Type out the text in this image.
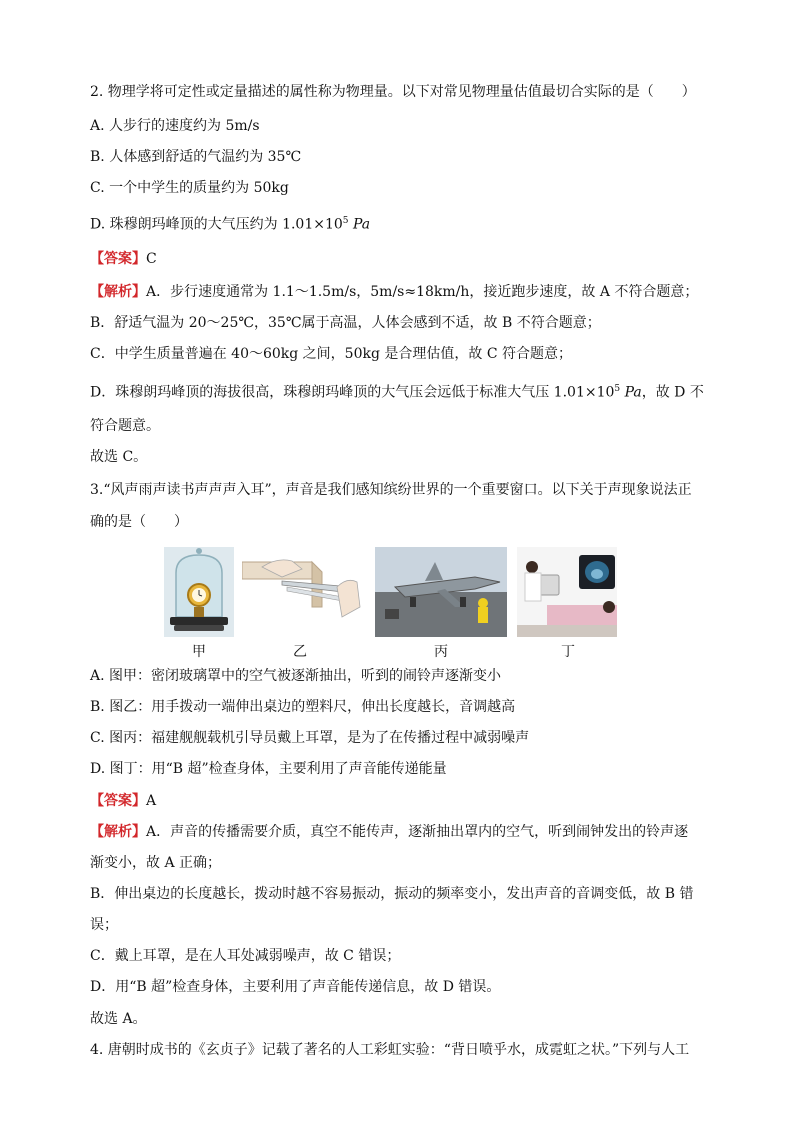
2. 物理学将可定性或定量描述的属性称为物理量。以下对常见物理量估值最切合实际的是（　　）
A. 人步行的速度约为 5m/s
B. 人体感到舒适的气温约为 35℃
C. 一个中学生的质量约为 50kg
D. 珠穆朗玛峰顶的大气压约为 $1.01\times 10^5$ Pa
【答案】C
【解析】A．步行速度通常为 1.1～1.5m/s，5m/s≈18km/h，接近跑步速度，故 A 不符合题意；
B．舒适气温为 20～25℃，35℃属于高温，人体会感到不适，故 B 不符合题意；
C．中学生质量普遍在 40～60kg 之间，50kg 是合理估值，故 C 符合题意；
D．珠穆朗玛峰顶的海拔很高，珠穆朗玛峰顶的大气压会远低于标准大气压 $1.01\times 10^5$ Pa，故 D 不
符合题意。
故选 C。
3.“风声雨声读书声声声入耳”，声音是我们感知缤纷世界的一个重要窗口。以下关于声现象说法正
确的是（　　）
甲	乙	丙	丁
A. 图甲：密闭玻璃罩中的空气被逐渐抽出，听到的闹铃声逐渐变小
B. 图乙：用手拨动一端伸出桌边的塑料尺，伸出长度越长，音调越高
C. 图丙：福建舰舰载机引导员戴上耳罩，是为了在传播过程中减弱噪声
D. 图丁：用“B 超”检查身体，主要利用了声音能传递能量
【答案】A
【解析】A．声音的传播需要介质，真空不能传声，逐渐抽出罩内的空气，听到闹钟发出的铃声逐
渐变小，故 A 正确；
B．伸出桌边的长度越长，拨动时越不容易振动，振动的频率变小，发出声音的音调变低，故 B 错
误；
C．戴上耳罩，是在人耳处减弱噪声，故 C 错误；
D．用“B 超”检查身体，主要利用了声音能传递信息，故 D 错误。
故选 A。
4. 唐朝时成书的《玄贞子》记载了著名的人工彩虹实验：“背日喷乎水，成霓虹之状。”下列与人工
